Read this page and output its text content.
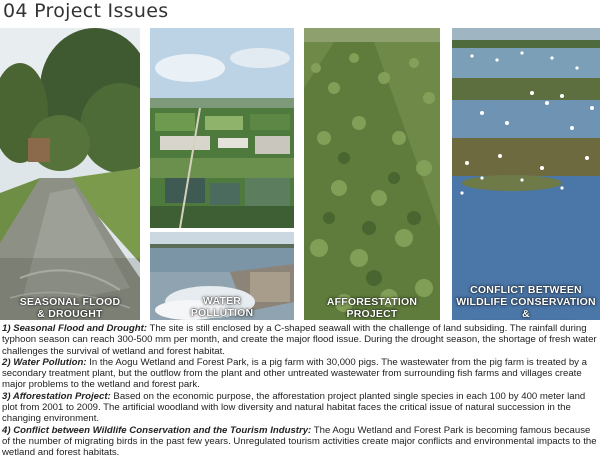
04 Project Issues
SEASONAL FLOOD
& DROUGHT
WATER
POLLUTION
AFFORESTATION
PROJECT
CONFLICT BETWEEN
WILDLIFE CONSERVATION &

1) Seasonal Flood and Drought: The site is still enclosed by a C-shaped seawall with the challenge of land subsiding. The rainfall during typhoon season can reach 300-500 mm per month, and create the major flood issue. During the drought season, the shortage of fresh water challenges the survival of wetland and forest habitat.

2) Water Pollution: In the Aogu Wetland and Forest Park, is a pig farm with 30,000 pigs. The wastewater from the pig farm is treated by a secondary treatment plant, but the outflow from the plant and other untreated wastewater from surrounding fish farms and villages create major problems to the wetland and forest park.

3) Afforestation Project: Based on the economic purpose, the afforestation project planted single species in each 100 by 400 meter land plot from 2001 to 2009. The artificial woodland with low diversity and natural habitat faces the critical issue of natural succession in the changing environment.

4) Conflict between Wildlife Conservation and the Tourism Industry: The Aogu Wetland and Forest Park is becoming famous because of the number of migrating birds in the past few years. Unregulated tourism activities create major conflicts and environmental impacts to the wetland and forest habitats.
